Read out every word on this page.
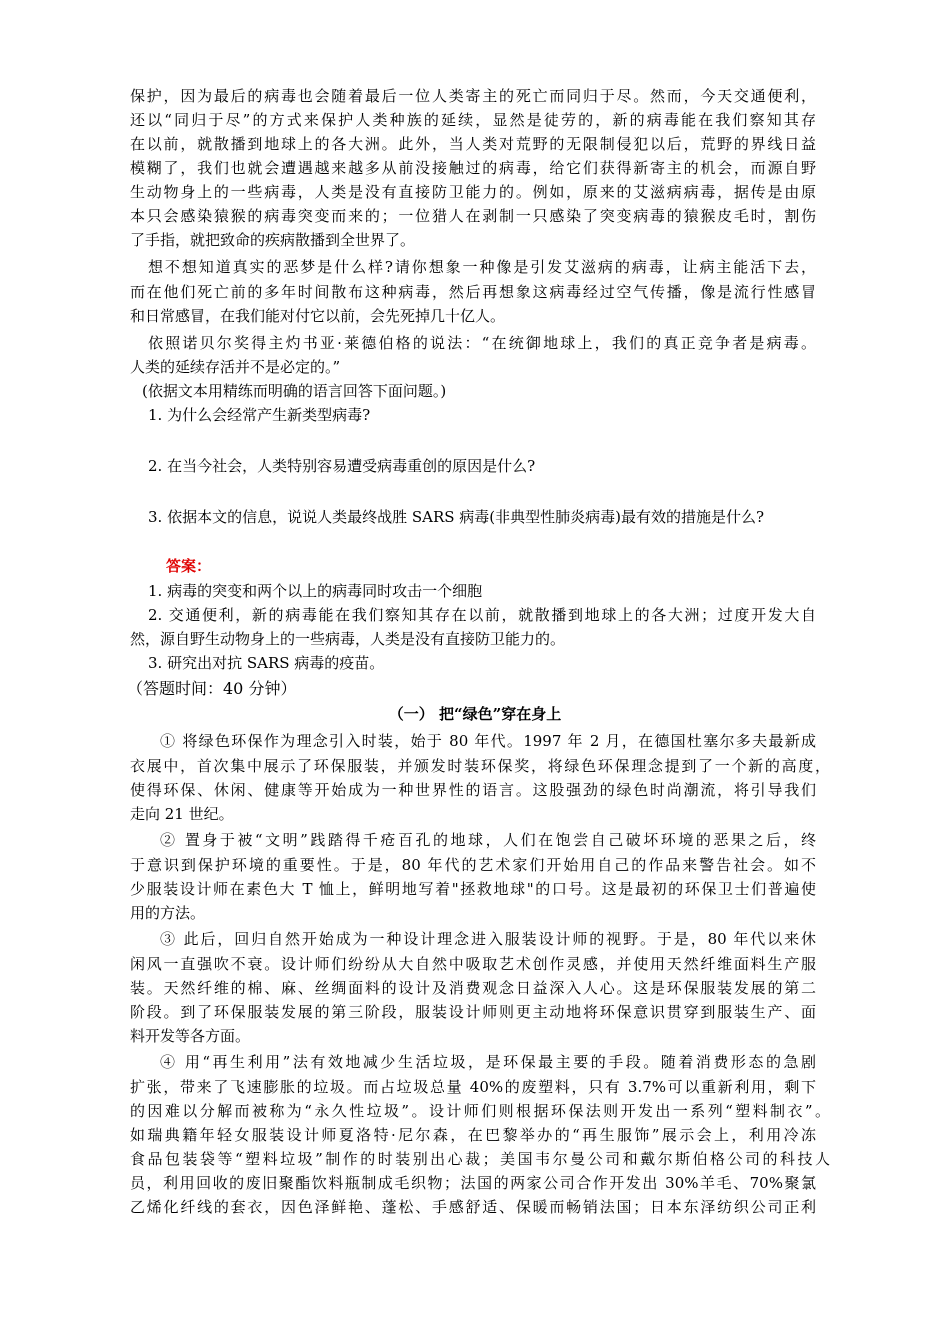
保护，因为最后的病毒也会随着最后一位人类寄主的死亡而同归于尽。然而，今天交通便利，
还以“同归于尽”的方式来保护人类种族的延续，显然是徒劳的，新的病毒能在我们察知其存
在以前，就散播到地球上的各大洲。此外，当人类对荒野的无限制侵犯以后，荒野的界线日益
模糊了，我们也就会遭遇越来越多从前没接触过的病毒，给它们获得新寄主的机会，而源自野
生动物身上的一些病毒，人类是没有直接防卫能力的。例如，原来的艾滋病病毒，据传是由原
本只会感染猿猴的病毒突变而来的；一位猎人在剥制一只感染了突变病毒的猿猴皮毛时，割伤
了手指，就把致命的疾病散播到全世界了。
想不想知道真实的恶梦是什么样?请你想象一种像是引发艾滋病的病毒，让病主能活下去，
而在他们死亡前的多年时间散布这种病毒，然后再想象这病毒经过空气传播，像是流行性感冒
和日常感冒，在我们能对付它以前，会先死掉几十亿人。
依照诺贝尔奖得主灼书亚·莱德伯格的说法：“在统御地球上，我们的真正竞争者是病毒。
人类的延续存活并不是必定的。”
(依据文本用精练而明确的语言回答下面问题。)
1. 为什么会经常产生新类型病毒?
2. 在当今社会，人类特别容易遭受病毒重创的原因是什么?
3. 依据本文的信息，说说人类最终战胜 SARS 病毒(非典型性肺炎病毒)最有效的措施是什么?
答案：
1. 病毒的突变和两个以上的病毒同时攻击一个细胞
2. 交通便利，新的病毒能在我们察知其存在以前，就散播到地球上的各大洲；过度开发大自
然，源自野生动物身上的一些病毒，人类是没有直接防卫能力的。
3. 研究出对抗 SARS 病毒的疫苗。
（答题时间：40 分钟）
（一） 把“绿色”穿在身上
① 将绿色环保作为理念引入时装，始于 80 年代。1997 年 2 月，在德国杜塞尔多夫最新成
衣展中，首次集中展示了环保服装，并颁发时装环保奖，将绿色环保理念提到了一个新的高度，
使得环保、休闲、健康等开始成为一种世界性的语言。这股强劲的绿色时尚潮流，将引导我们
走向 21 世纪。
② 置身于被“文明”践踏得千疮百孔的地球，人们在饱尝自己破坏环境的恶果之后，终
于意识到保护环境的重要性。于是，80 年代的艺术家们开始用自己的作品来警告社会。如不
少服装设计师在素色大 T 恤上，鲜明地写着"拯救地球"的口号。这是最初的环保卫士们普遍使
用的方法。
③ 此后，回归自然开始成为一种设计理念进入服装设计师的视野。于是，80 年代以来休
闲风一直强吹不衰。设计师们纷纷从大自然中吸取艺术创作灵感，并使用天然纤维面料生产服
装。天然纤维的棉、麻、丝绸面料的设计及消费观念日益深入人心。这是环保服装发展的第二
阶段。到了环保服装发展的第三阶段，服装设计师则更主动地将环保意识贯穿到服装生产、面
料开发等各方面。
④ 用“再生利用”法有效地减少生活垃圾，是环保最主要的手段。随着消费形态的急剧
扩张，带来了飞速膨胀的垃圾。而占垃圾总量 40%的废塑料，只有 3.7%可以重新利用，剩下
的因难以分解而被称为“永久性垃圾”。设计师们则根据环保法则开发出一系列“塑料制衣”。
如瑞典籍年轻女服装设计师夏洛特·尼尔森，在巴黎举办的“再生服饰”展示会上，利用冷冻
食品包装袋等“塑料垃圾”制作的时装别出心裁；美国韦尔曼公司和戴尔斯伯格公司的科技人
员，利用回收的废旧聚酯饮料瓶制成毛织物；法国的两家公司合作开发出 30%羊毛、70%聚氯
乙烯化纤线的套衣，因色泽鲜艳、蓬松、手感舒适、保暖而畅销法国；日本东泽纺织公司正利
